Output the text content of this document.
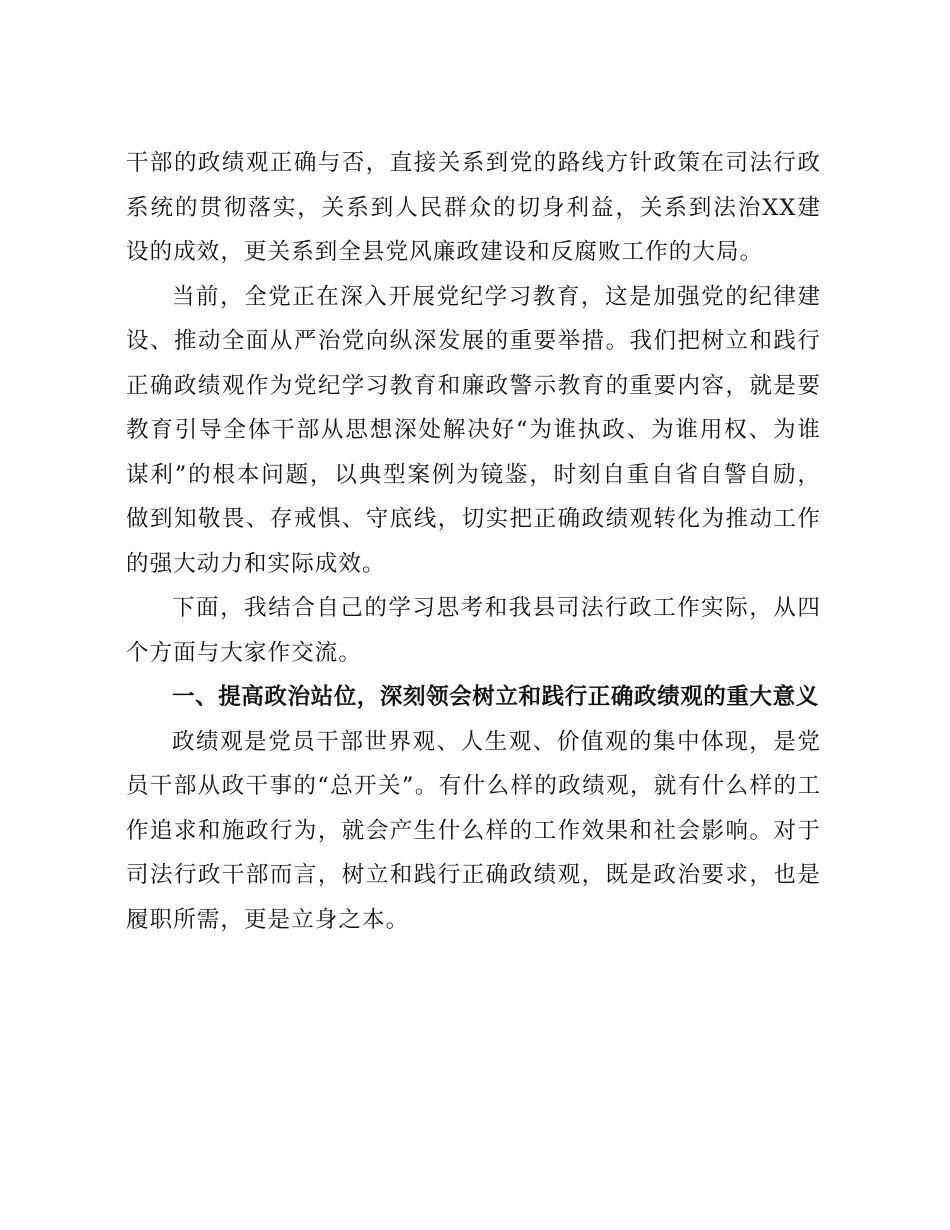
干部的政绩观正确与否，直接关系到党的路线方针政策在司法行政系统的贯彻落实，关系到人民群众的切身利益，关系到法治XX建设的成效，更关系到全县党风廉政建设和反腐败工作的大局。

当前，全党正在深入开展党纪学习教育，这是加强党的纪律建设、推动全面从严治党向纵深发展的重要举措。我们把树立和践行正确政绩观作为党纪学习教育和廉政警示教育的重要内容，就是要教育引导全体干部从思想深处解决好“为谁执政、为谁用权、为谁谋利”的根本问题，以典型案例为镜鉴，时刻自重自省自警自励，做到知敬畏、存戒惧、守底线，切实把正确政绩观转化为推动工作的强大动力和实际成效。

下面，我结合自己的学习思考和我县司法行政工作实际，从四个方面与大家作交流。

一、提高政治站位，深刻领会树立和践行正确政绩观的重大意义

政绩观是党员干部世界观、人生观、价值观的集中体现，是党员干部从政干事的“总开关”。有什么样的政绩观，就有什么样的工作追求和施政行为，就会产生什么样的工作效果和社会影响。对于司法行政干部而言，树立和践行正确政绩观，既是政治要求，也是履职所需，更是立身之本。
